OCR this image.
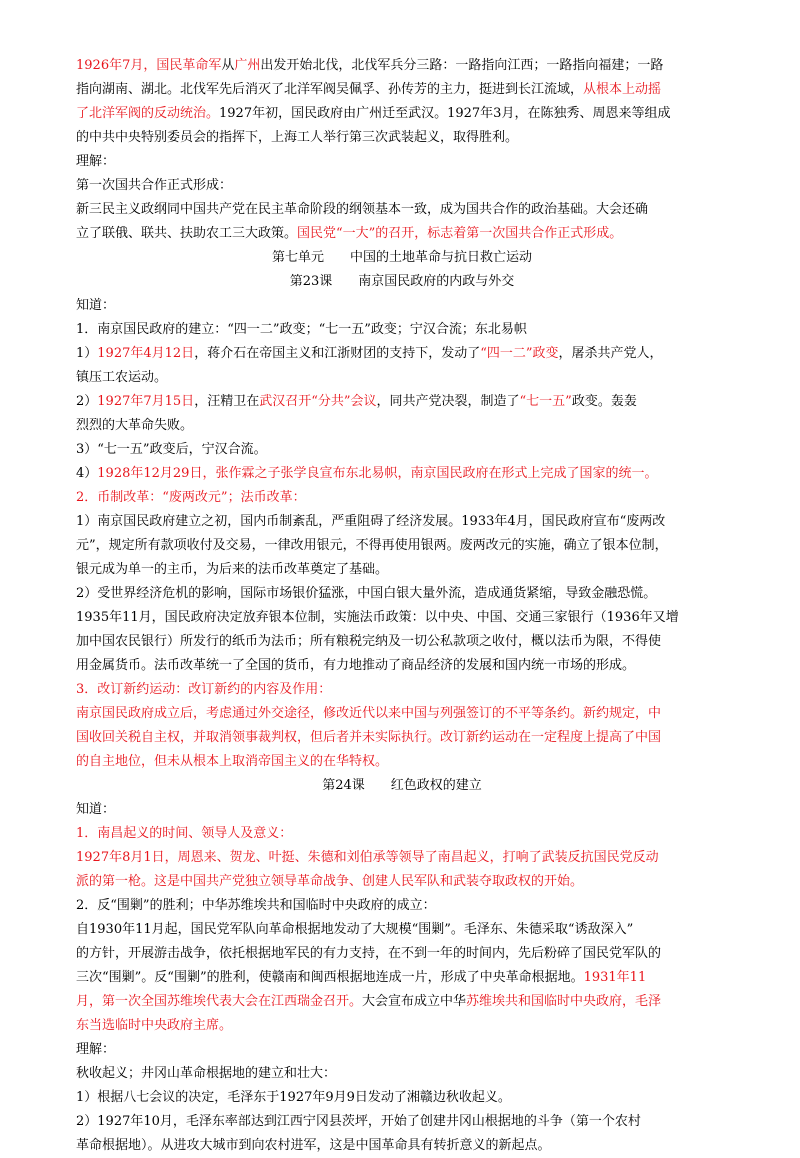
1926年7月，国民革命军从广州出发开始北伐，北伐军兵分三路：一路指向江西；一路指向福建；一路
指向湖南、湖北。北伐军先后消灭了北洋军阀吴佩孚、孙传芳的主力，挺进到长江流域，从根本上动摇
了北洋军阀的反动统治。1927年初，国民政府由广州迁至武汉。1927年3月，在陈独秀、周恩来等组成
的中共中央特别委员会的指挥下，上海工人举行第三次武装起义，取得胜利。
理解：
第一次国共合作正式形成：
新三民主义政纲同中国共产党在民主革命阶段的纲领基本一致，成为国共合作的政治基础。大会还确
立了联俄、联共、扶助农工三大政策。国民党“一大”的召开，标志着第一次国共合作正式形成。
第七单元　　中国的土地革命与抗日救亡运动
第23课　　南京国民政府的内政与外交
知道：
1．南京国民政府的建立：“四一二”政变；“七一五”政变；宁汉合流；东北易帜
1）1927年4月12日，蒋介石在帝国主义和江浙财团的支持下，发动了“四一二”政变，屠杀共产党人，
镇压工农运动。
2）1927年7月15日，汪精卫在武汉召开“分共”会议，同共产党决裂，制造了“七一五”政变。轰轰
烈烈的大革命失败。
3）“七一五”政变后，宁汉合流。
4）1928年12月29日，张作霖之子张学良宣布东北易帜，南京国民政府在形式上完成了国家的统一。
2．币制改革：“废两改元”；法币改革：
1）南京国民政府建立之初，国内币制紊乱，严重阻碍了经济发展。1933年4月，国民政府宣布“废两改
元”，规定所有款项收付及交易，一律改用银元，不得再使用银两。废两改元的实施，确立了银本位制，
银元成为单一的主币，为后来的法币改革奠定了基础。
2）受世界经济危机的影响，国际市场银价猛涨，中国白银大量外流，造成通货紧缩，导致金融恐慌。
1935年11月，国民政府决定放弃银本位制，实施法币政策：以中央、中国、交通三家银行（1936年又增
加中国农民银行）所发行的纸币为法币；所有粮税完纳及一切公私款项之收付，概以法币为限，不得使
用金属货币。法币改革统一了全国的货币，有力地推动了商品经济的发展和国内统一市场的形成。
3．改订新约运动：改订新约的内容及作用：
南京国民政府成立后，考虑通过外交途径，修改近代以来中国与列强签订的不平等条约。新约规定，中
国收回关税自主权，并取消领事裁判权，但后者并未实际执行。改订新约运动在一定程度上提高了中国
的自主地位，但未从根本上取消帝国主义的在华特权。
第24课　　红色政权的建立
知道：
1．南昌起义的时间、领导人及意义：
1927年8月1日，周恩来、贺龙、叶挺、朱德和刘伯承等领导了南昌起义，打响了武装反抗国民党反动
派的第一枪。这是中国共产党独立领导革命战争、创建人民军队和武装夺取政权的开始。
2．反“围剿”的胜利；中华苏维埃共和国临时中央政府的成立：
自1930年11月起，国民党军队向革命根据地发动了大规模“围剿”。毛泽东、朱德采取“诱敌深入”
的方针，开展游击战争，依托根据地军民的有力支持，在不到一年的时间内，先后粉碎了国民党军队的
三次“围剿”。反“围剿”的胜利，使赣南和闽西根据地连成一片，形成了中央革命根据地。1931年11
月，第一次全国苏维埃代表大会在江西瑞金召开。大会宣布成立中华苏维埃共和国临时中央政府，毛泽
东当选临时中央政府主席。
理解：
秋收起义；井冈山革命根据地的建立和壮大：
1）根据八七会议的决定，毛泽东于1927年9月9日发动了湘赣边秋收起义。
2）1927年10月，毛泽东率部达到江西宁冈县茨坪，开始了创建井冈山根据地的斗争（第一个农村
革命根据地）。从进攻大城市到向农村进军，这是中国革命具有转折意义的新起点。
